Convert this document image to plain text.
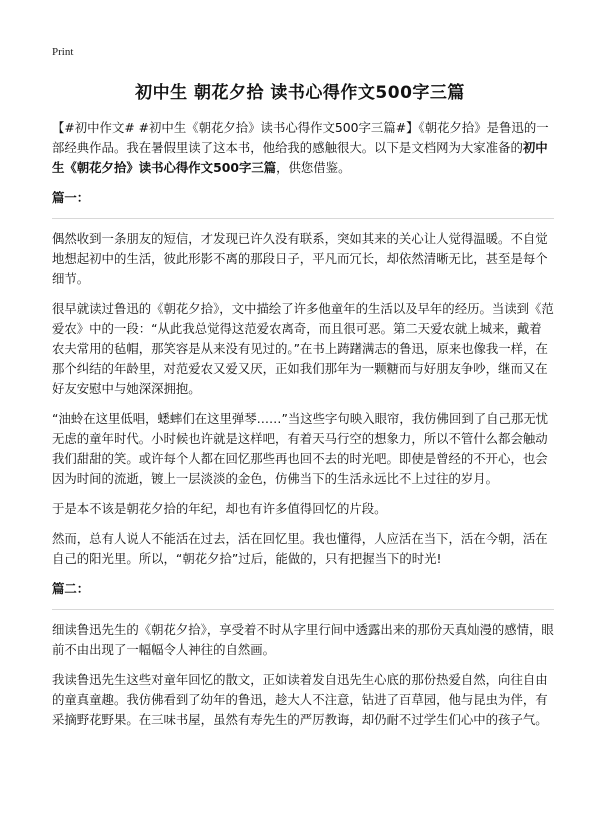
Print
初中生 朝花夕拾 读书心得作文500字三篇

【#初中作文# #初中生《朝花夕拾》读书心得作文500字三篇#】《朝花夕拾》是鲁迅的一部经典作品。我在暑假里读了这本书，他给我的感触很大。以下是文档网为大家准备的初中生《朝花夕拾》读书心得作文500字三篇，供您借鉴。

篇一：

偶然收到一条朋友的短信，才发现已许久没有联系，突如其来的关心让人觉得温暖。不自觉地想起初中的生活，彼此形影不离的那段日子，平凡而冗长，却依然清晰无比，甚至是每个细节。

很早就读过鲁迅的《朝花夕拾》，文中描绘了许多他童年的生活以及早年的经历。当读到《范爱农》中的一段：“从此我总觉得这范爱农离奇，而且很可恶。第二天爱农就上城来，戴着农夫常用的毡帽，那笑容是从来没有见过的。”在书上踌躇满志的鲁迅，原来也像我一样，在那个纠结的年龄里，对范爱农又爱又厌，正如我们那年为一颗糖而与好朋友争吵，继而又在好友安慰中与她深深拥抱。

“油蛉在这里低唱，蟋蟀们在这里弹琴……”当这些字句映入眼帘，我仿佛回到了自己那无忧无虑的童年时代。小时候也许就是这样吧，有着天马行空的想象力，所以不管什么都会触动我们甜甜的笑。或许每个人都在回忆那些再也回不去的时光吧。即使是曾经的不开心，也会因为时间的流逝，镀上一层淡淡的金色，仿佛当下的生活永远比不上过往的岁月。

于是本不该是朝花夕拾的年纪，却也有许多值得回忆的片段。

然而，总有人说人不能活在过去，活在回忆里。我也懂得，人应活在当下，活在今朝，活在自己的阳光里。所以，“朝花夕拾”过后，能做的，只有把握当下的时光!

篇二：

细读鲁迅先生的《朝花夕拾》，享受着不时从字里行间中透露出来的那份天真灿漫的感情，眼前不由出现了一幅幅令人神往的自然画。

我读鲁迅先生这些对童年回忆的散文，正如读着发自迅先生心底的那份热爱自然，向往自由的童真童趣。我仿佛看到了幼年的鲁迅，趁大人不注意，钻进了百草园，他与昆虫为伴，有采摘野花野果。在三味书屋，虽然有寿先生的严厉教诲，却仍耐不过学生们心中的孩子气。
